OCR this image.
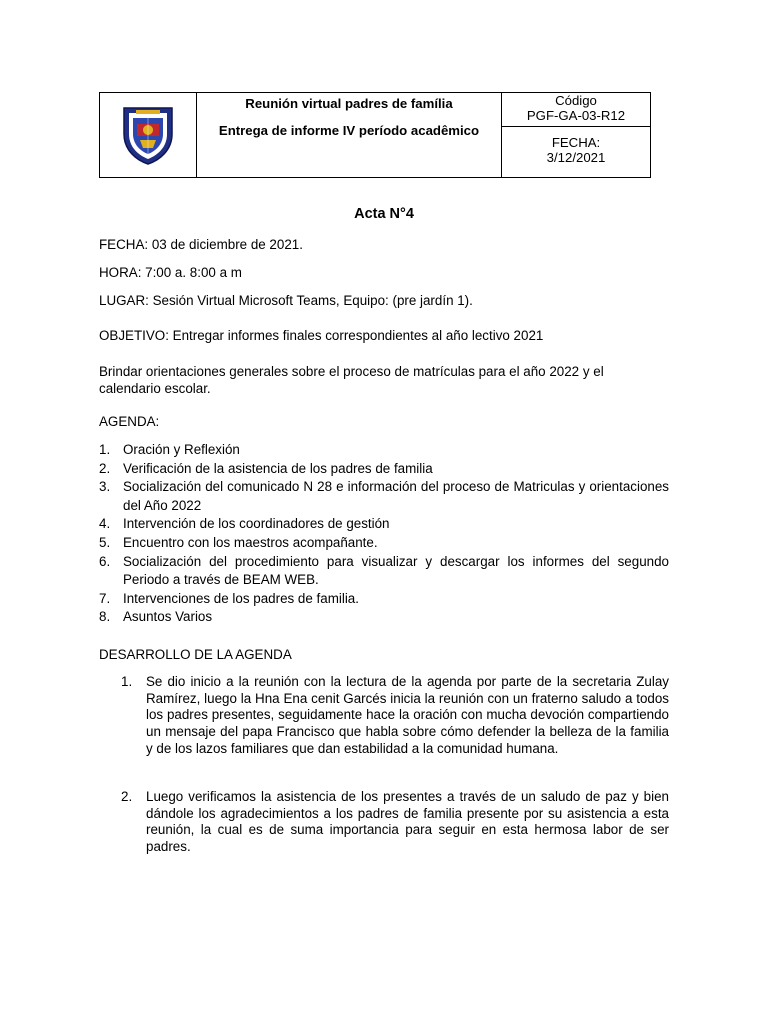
Reunión virtual padres de família
Entrega de informe IV período acadêmico

Código
PGF-GA-03-R12

FECHA:
3/12/2021
Acta N°4
FECHA: 03 de diciembre de 2021.
HORA: 7:00 a. 8:00 a m
LUGAR: Sesión Virtual Microsoft Teams, Equipo: (pre jardín 1).
OBJETIVO: Entregar informes finales correspondientes al año lectivo 2021
Brindar orientaciones generales sobre el proceso de matrículas para el año 2022 y el calendario escolar.
AGENDA:
1. Oración y Reflexión
2. Verificación de la asistencia de los padres de familia
3. Socialización del comunicado N 28 e información del proceso de Matriculas y orientaciones del Año 2022
4. Intervención de los coordinadores de gestión
5. Encuentro con los maestros acompañante.
6. Socialización del procedimiento para visualizar y descargar los informes del segundo Periodo a través de BEAM WEB.
7. Intervenciones de los padres de familia.
8. Asuntos Varios
DESARROLLO DE LA AGENDA
1. Se dio inicio a la reunión con la lectura de la agenda por parte de la secretaria Zulay Ramírez, luego la Hna Ena cenit Garcés inicia la reunión con un fraterno saludo a todos los padres presentes, seguidamente hace la oración con mucha devoción compartiendo un mensaje del papa Francisco que habla sobre cómo defender la belleza de la familia y de los lazos familiares que dan estabilidad a la comunidad humana.
2. Luego verificamos la asistencia de los presentes a través de un saludo de paz y bien dándole los agradecimientos a los padres de familia presente por su asistencia a esta reunión, la cual es de suma importancia para seguir en esta hermosa labor de ser padres.
